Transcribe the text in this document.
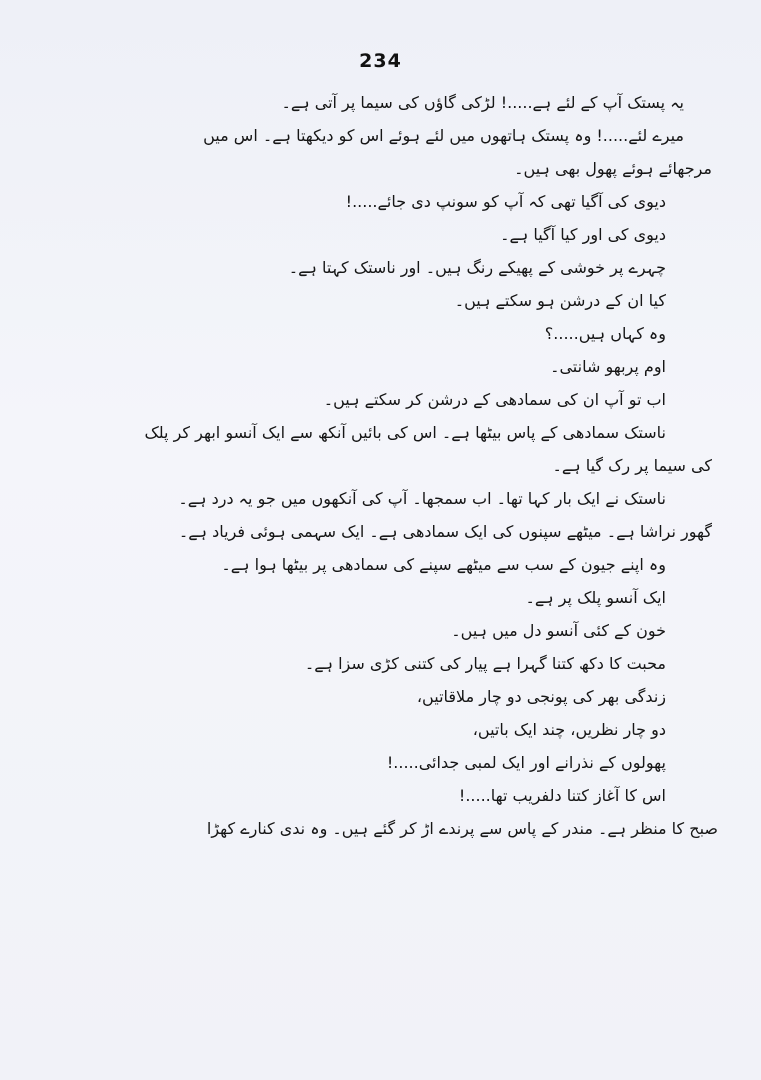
234
یہ پستک آپ کے لئے ہے.....! لڑکی گاؤں کی سیما پر آتی ہے۔
میرے لئے.....! وہ پستک ہاتھوں میں لئے ہوئے اس کو دیکھتا ہے۔ اس میں
مرجھائے ہوئے پھول بھی ہیں۔
دیوی کی آگیا تھی کہ آپ کو سونپ دی جائے.....!
دیوی کی اور کیا آگیا ہے۔
چہرے پر خوشی کے پھیکے رنگ ہیں۔ اور ناستک کہتا ہے۔
کیا ان کے درشن ہو سکتے ہیں۔
وہ کہاں ہیں.....؟
اوم پربھو شانتی۔
اب تو آپ ان کی سمادھی کے درشن کر سکتے ہیں۔
ناستک سمادھی کے پاس بیٹھا ہے۔ اس کی بائیں آنکھ سے ایک آنسو ابھر کر پلک
کی سیما پر رک گیا ہے۔
ناستک نے ایک بار کہا تھا۔ اب سمجھا۔ آپ کی آنکھوں میں جو یہ درد ہے۔
گھور نراشا ہے۔ میٹھے سپنوں کی ایک سمادھی ہے۔ ایک سہمی ہوئی فریاد ہے۔
وہ اپنے جیون کے سب سے میٹھے سپنے کی سمادھی پر بیٹھا ہوا ہے۔
ایک آنسو پلک پر ہے۔
خون کے کئی آنسو دل میں ہیں۔
محبت کا دکھ کتنا گہرا ہے پیار کی کتنی کڑی سزا ہے۔
زندگی بھر کی پونجی دو چار ملاقاتیں،
دو چار نظریں، چند ایک باتیں،
پھولوں کے نذرانے اور ایک لمبی جدائی.....!
اس کا آغاز کتنا دلفریب تھا.....!
صبح کا منظر ہے۔ مندر کے پاس سے پرندے اڑ کر گئے ہیں۔ وہ ندی کنارے کھڑا
